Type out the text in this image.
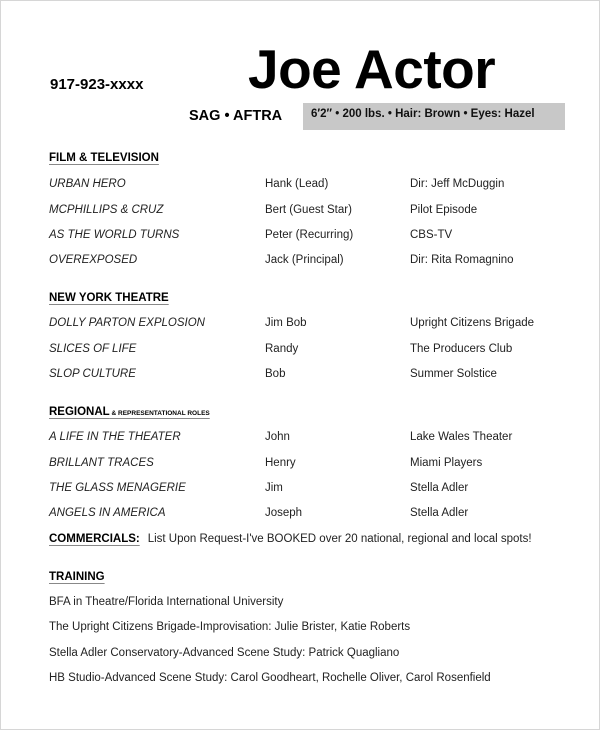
Joe Actor
917-923-xxxx
SAG • AFTRA	6′2″ • 200 lbs. • Hair: Brown • Eyes: Hazel
FILM & TELEVISION
URBAN HERO	Hank (Lead)	Dir: Jeff McDuggin
MCPHILLIPS & CRUZ	Bert (Guest Star)	Pilot Episode
AS THE WORLD TURNS	Peter (Recurring)	CBS-TV
OVEREXPOSED	Jack (Principal)	Dir: Rita Romagnino
NEW YORK THEATRE
DOLLY PARTON EXPLOSION	Jim Bob	Upright Citizens Brigade
SLICES OF LIFE	Randy	The Producers Club
SLOP CULTURE	Bob	Summer Solstice
REGIONAL & REPRESENTATIONAL ROLES
A LIFE IN THE THEATER	John	Lake Wales Theater
BRILLANT TRACES	Henry	Miami Players
THE GLASS MENAGERIE	Jim	Stella Adler
ANGELS IN AMERICA	Joseph	Stella Adler
COMMERCIALS: List Upon Request-I've BOOKED over 20 national, regional and local spots!
TRAINING
BFA in Theatre/Florida International University
The Upright Citizens Brigade-Improvisation: Julie Brister, Katie Roberts
Stella Adler Conservatory-Advanced Scene Study: Patrick Quagliano
HB Studio-Advanced Scene Study: Carol Goodheart, Rochelle Oliver, Carol Rosenfield
